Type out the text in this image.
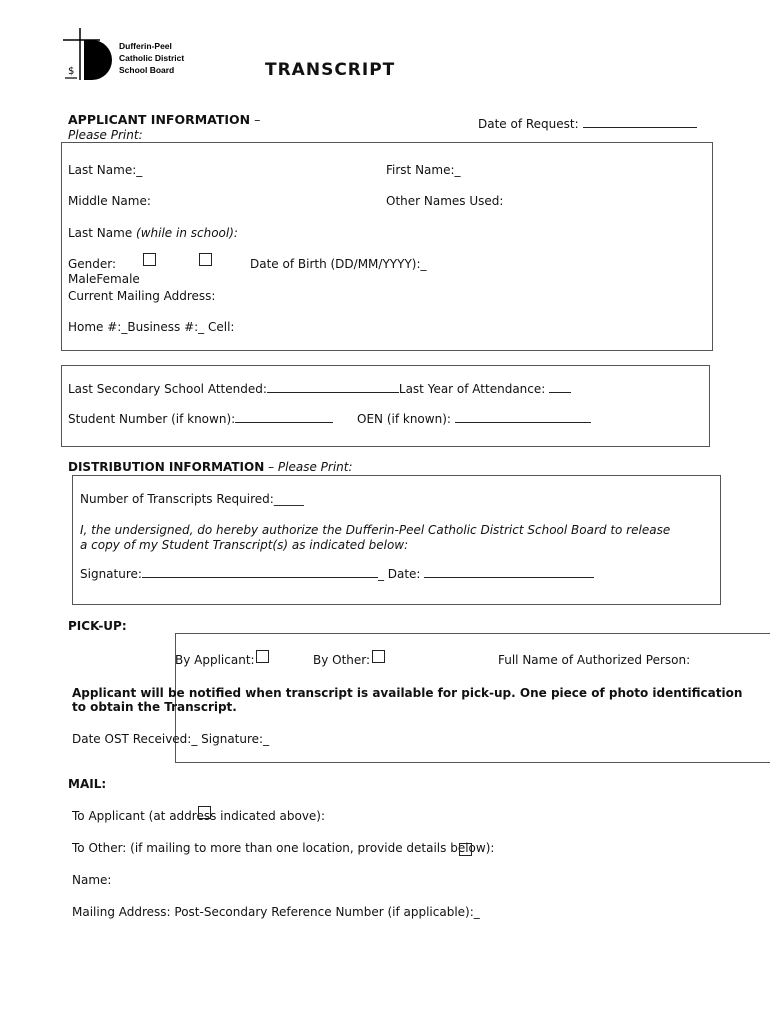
$
Dufferin-Peel
Catholic District
School Board	TRANSCRIPT
APPLICANT INFORMATION –
Please Print:
Date of Request:
Last Name:_	First Name:_
Middle Name:	Other Names Used:
Last Name (while in school):
Gender:	Date of Birth (DD/MM/YYYY):_
MaleFemale
Current Mailing Address:
Home #:_Business #:_ Cell:
Last Secondary School Attended:	Last Year of Attendance:
Student Number (if known):	OEN (if known):
DISTRIBUTION INFORMATION – Please Print:
Number of Transcripts Required:_____
I, the undersigned, do hereby authorize the Dufferin-Peel Catholic District School Board to release
a copy of my Student Transcript(s) as indicated below:
Signature:	_ Date:
PICK-UP:
By Applicant:	By Other:	Full Name of Authorized Person:
Applicant will be notified when transcript is available for pick-up. One piece of photo identification
to obtain the Transcript.
Date OST Received:_ Signature:_
MAIL:
To Applicant (at address indicated above):
To Other: (if mailing to more than one location, provide details below):
Name:
Mailing Address: Post-Secondary Reference Number (if applicable):_
